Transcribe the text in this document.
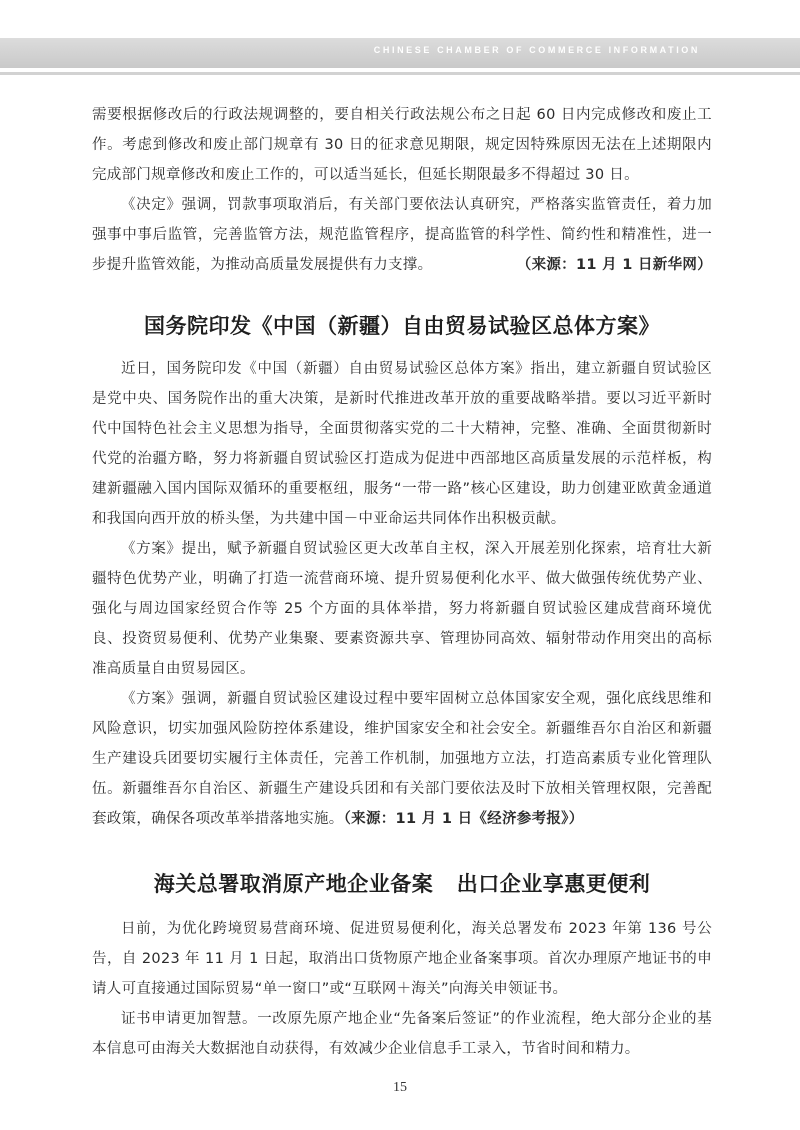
CHINESE CHAMBER OF COMMERCE INFORMATION

需要根据修改后的行政法规调整的，要自相关行政法规公布之日起 60 日内完成修改和废止工作。考虑到修改和废止部门规章有 30 日的征求意见期限，规定因特殊原因无法在上述期限内完成部门规章修改和废止工作的，可以适当延长，但延长期限最多不得超过 30 日。

《决定》强调，罚款事项取消后，有关部门要依法认真研究，严格落实监管责任，着力加强事中事后监管，完善监管方法，规范监管程序，提高监管的科学性、简约性和精准性，进一步提升监管效能，为推动高质量发展提供有力支撑。	（来源：11 月 1 日新华网）

国务院印发《中国（新疆）自由贸易试验区总体方案》

近日，国务院印发《中国（新疆）自由贸易试验区总体方案》指出，建立新疆自贸试验区是党中央、国务院作出的重大决策，是新时代推进改革开放的重要战略举措。要以习近平新时代中国特色社会主义思想为指导，全面贯彻落实党的二十大精神，完整、准确、全面贯彻新时代党的治疆方略，努力将新疆自贸试验区打造成为促进中西部地区高质量发展的示范样板，构建新疆融入国内国际双循环的重要枢纽，服务“一带一路”核心区建设，助力创建亚欧黄金通道和我国向西开放的桥头堡，为共建中国－中亚命运共同体作出积极贡献。

《方案》提出，赋予新疆自贸试验区更大改革自主权，深入开展差别化探索，培育壮大新疆特色优势产业，明确了打造一流营商环境、提升贸易便利化水平、做大做强传统优势产业、强化与周边国家经贸合作等 25 个方面的具体举措，努力将新疆自贸试验区建成营商环境优良、投资贸易便利、优势产业集聚、要素资源共享、管理协同高效、辐射带动作用突出的高标准高质量自由贸易园区。

《方案》强调，新疆自贸试验区建设过程中要牢固树立总体国家安全观，强化底线思维和风险意识，切实加强风险防控体系建设，维护国家安全和社会安全。新疆维吾尔自治区和新疆生产建设兵团要切实履行主体责任，完善工作机制，加强地方立法，打造高素质专业化管理队伍。新疆维吾尔自治区、新疆生产建设兵团和有关部门要依法及时下放相关管理权限，完善配套政策，确保各项改革举措落地实施。（来源：11 月 1 日《经济参考报》）

海关总署取消原产地企业备案 出口企业享惠更便利

日前，为优化跨境贸易营商环境、促进贸易便利化，海关总署发布 2023 年第 136 号公告，自 2023 年 11 月 1 日起，取消出口货物原产地企业备案事项。首次办理原产地证书的申请人可直接通过国际贸易“单一窗口”或“互联网＋海关”向海关申领证书。

证书申请更加智慧。一改原先原产地企业“先备案后签证”的作业流程，绝大部分企业的基本信息可由海关大数据池自动获得，有效减少企业信息手工录入，节省时间和精力。

15
